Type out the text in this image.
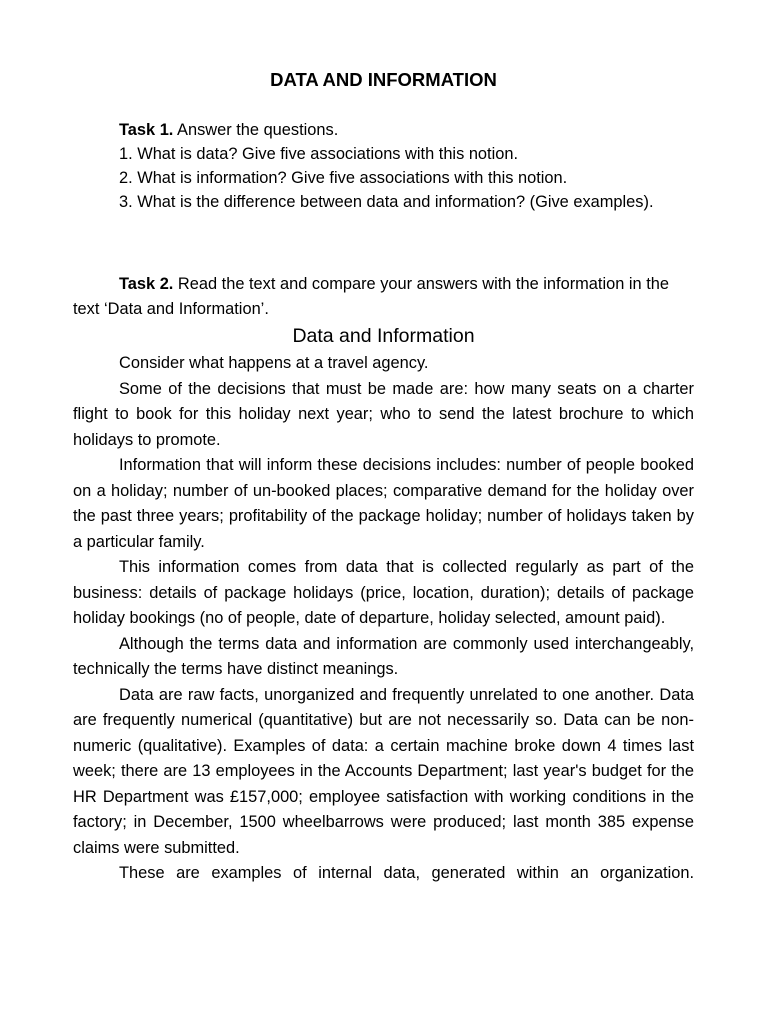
DATA AND INFORMATION
Task 1. Answer the questions.
1. What is data? Give five associations with this notion.
2. What is information? Give five associations with this notion.
3. What is the difference between data and information? (Give examples).

Task 2. Read the text and compare your answers with the information in the text ‘Data and Information’.

Data and Information

Consider what happens at a travel agency.

Some of the decisions that must be made are: how many seats on a charter flight to book for this holiday next year; who to send the latest brochure to which holidays to promote.

Information that will inform these decisions includes: number of people booked on a holiday; number of un-booked places; comparative demand for the holiday over the past three years; profitability of the package holiday; number of holidays taken by a particular family.

This information comes from data that is collected regularly as part of the business: details of package holidays (price, location, duration); details of package holiday bookings (no of people, date of departure, holiday selected, amount paid).

Although the terms data and information are commonly used interchangeably, technically the terms have distinct meanings.

Data are raw facts, unorganized and frequently unrelated to one another. Data are frequently numerical (quantitative) but are not necessarily so. Data can be non-numeric (qualitative). Examples of data: a certain machine broke down 4 times last week; there are 13 employees in the Accounts Department; last year's budget for the HR Department was £157,000; employee satisfaction with working conditions in the factory; in December, 1500 wheelbarrows were produced; last month 385 expense claims were submitted.

These are examples of internal data, generated within an organization.
